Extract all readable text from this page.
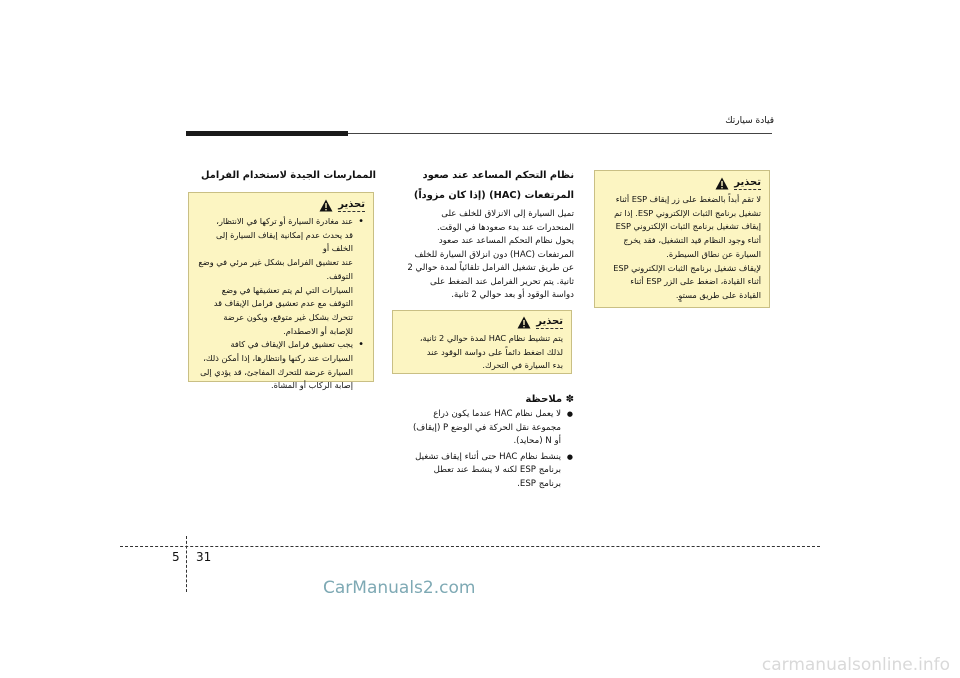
قيادة سيارتك
تحذير

لا تقم أبداً بالضغط على زر إيقاف ESP أثناء

تشغيل برنامج الثبات الإلكتروني ESP. إذا تم

إيقاف تشغيل برنامج الثبات الإلكتروني ESP

أثناء وجود النظام قيد التشغيل، فقد يخرج

السيارة عن نطاق السيطرة.

لإيقاف تشغيل برنامج الثبات الإلكتروني ESP

أثناء القيادة، اضغط على الزر ESP أثناء

القيادة على طريق مستوٍ.

نظام التحكم المساعد عند صعود
المرتفعات (HAC) (إذا كان مزوداً)
تميل السيارة إلى الانزلاق للخلف على
المنحدرات عند بدء صعودها في الوقت.
يحول نظام التحكم المساعد عند صعود
المرتفعات (HAC) دون انزلاق السيارة للخلف
عن طريق تشغيل الفرامل تلقائياً لمدة حوالي 2
ثانية. يتم تحرير الفرامل عند الضغط على
دواسة الوقود أو بعد حوالي 2 ثانية.
تحذير

يتم تنشيط نظام HAC لمدة حوالي 2 ثانية،

لذلك اضغط دائماً على دواسة الوقود عند

بدء السيارة في التحرك.

✽ ملاحظة
● لا يعمل نظام HAC عندما يكون ذراع
مجموعة نقل الحركة في الوضع P (إيقاف)
أو N (محايد).
● ينشط نظام HAC حتى أثناء إيقاف تشغيل
برنامج ESP لكنه لا ينشط عند تعطل
برنامج ESP.
الممارسات الجيدة لاستخدام الفرامل
تحذير
• عند مغادرة السيارة أو تركها في الانتظار،
قد يحدث عدم إمكانية إيقاف السيارة إلى الخلف أو
عند تعشيق الفرامل بشكل غير مرئي في وضع
التوقف.
السيارات التي لم يتم تعشيقها في وضع
التوقف مع عدم تعشيق فرامل الإيقاف قد
تتحرك بشكل غير متوقع، ويكون عرضة
للإصابة أو الاصطدام.
• يجب تعشيق فرامل الإيقاف في كافة
السيارات عند ركنها وانتظارها، إذا أمكن ذلك،
السيارة عرضة للتحرك المفاجئ، قد يؤدي إلى
إصابة الركاب أو المشاة.
5 31
CarManuals2.com
carmanualsonline.info
